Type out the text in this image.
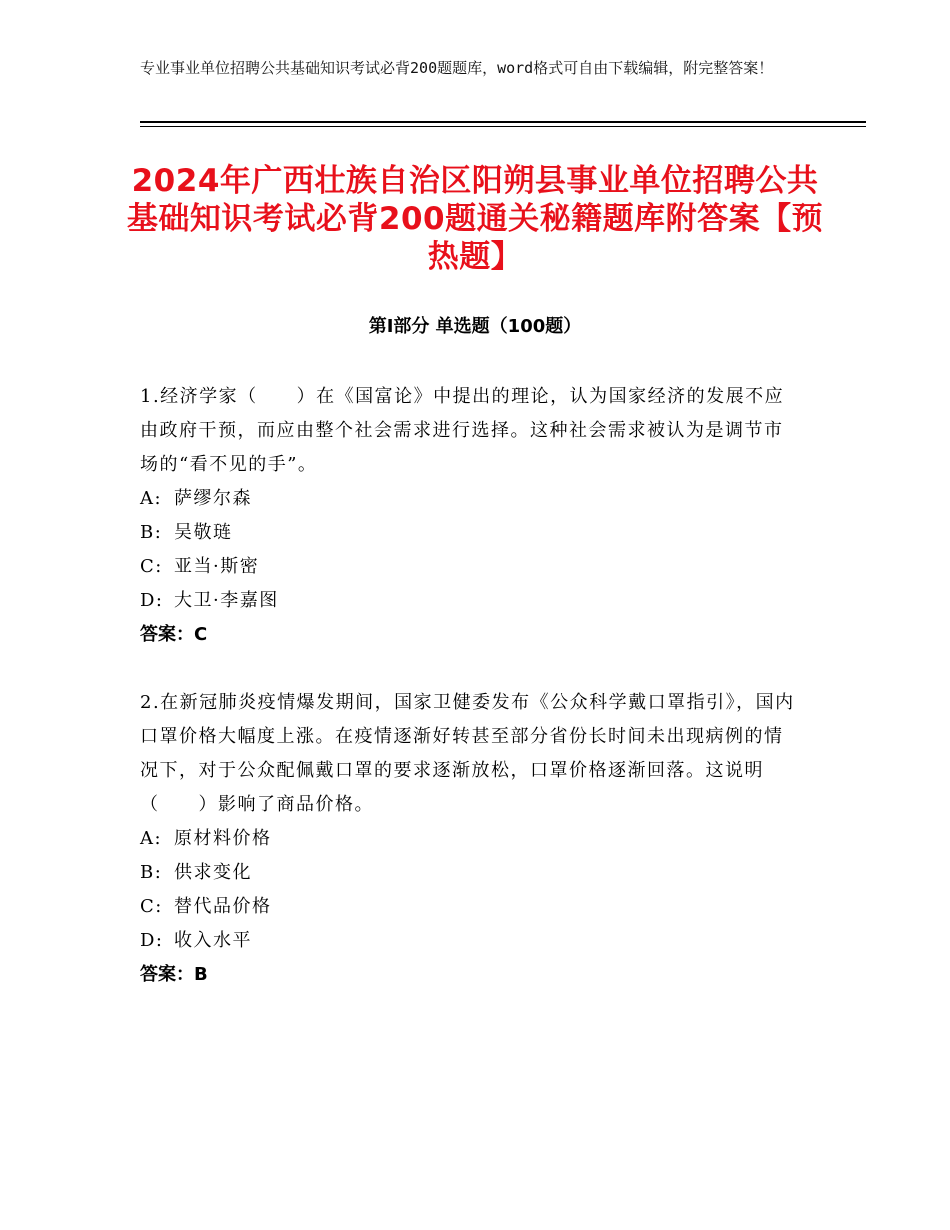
专业事业单位招聘公共基础知识考试必背200题题库，word格式可自由下载编辑，附完整答案！
2024年广西壮族自治区阳朔县事业单位招聘公共基础知识考试必背200题通关秘籍题库附答案【预热题】
第Ⅰ部分 单选题（100题）

1.经济学家（　　）在《国富论》中提出的理论，认为国家经济的发展不应由政府干预，而应由整个社会需求进行选择。这种社会需求被认为是调节市场的“看不见的手”。

A: 萨缪尔森

B: 吴敬琏

C: 亚当·斯密

D: 大卫·李嘉图

答案：C

2.在新冠肺炎疫情爆发期间，国家卫健委发布《公众科学戴口罩指引》，国内口罩价格大幅度上涨。在疫情逐渐好转甚至部分省份长时间未出现病例的情况下，对于公众配佩戴口罩的要求逐渐放松，口罩价格逐渐回落。这说明（　　）影响了商品价格。

A: 原材料价格

B: 供求变化

C: 替代品价格

D: 收入水平

答案：B
